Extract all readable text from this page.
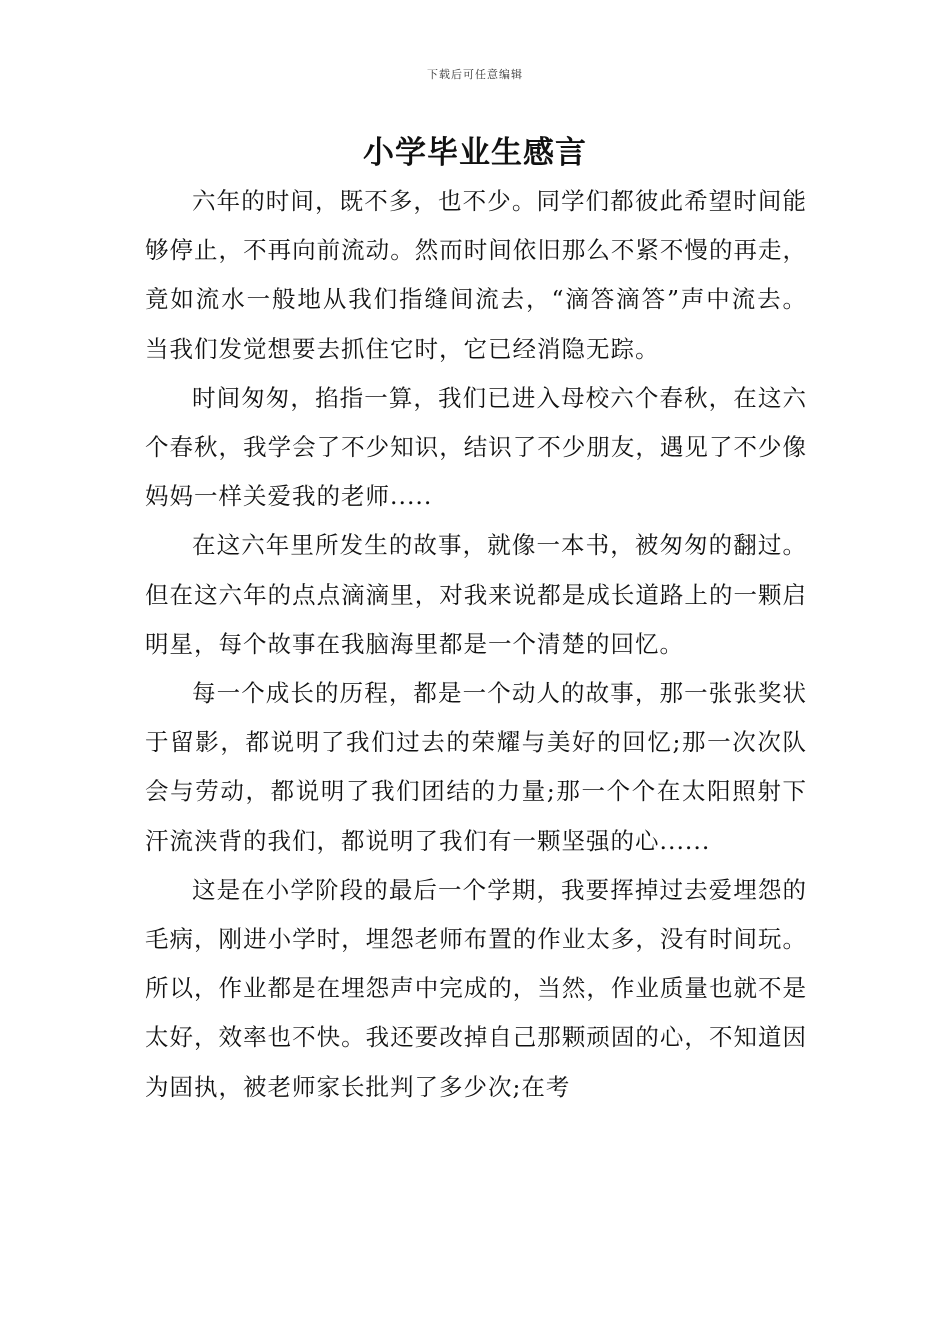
下载后可任意编辑
小学毕业生感言

六年的时间，既不多，也不少。同学们都彼此希望时间能够停止，不再向前流动。然而时间依旧那么不紧不慢的再走，竟如流水一般地从我们指缝间流去，“滴答滴答”声中流去。当我们发觉想要去抓住它时，它已经消隐无踪。

时间匆匆，掐指一算，我们已进入母校六个春秋，在这六个春秋，我学会了不少知识，结识了不少朋友，遇见了不少像妈妈一样关爱我的老师.....

在这六年里所发生的故事，就像一本书，被匆匆的翻过。但在这六年的点点滴滴里，对我来说都是成长道路上的一颗启明星，每个故事在我脑海里都是一个清楚的回忆。

每一个成长的历程，都是一个动人的故事，那一张张奖状于留影，都说明了我们过去的荣耀与美好的回忆;那一次次队会与劳动，都说明了我们团结的力量;那一个个在太阳照射下汗流浃背的我们，都说明了我们有一颗坚强的心......

这是在小学阶段的最后一个学期，我要挥掉过去爱埋怨的毛病，刚进小学时，埋怨老师布置的作业太多，没有时间玩。所以，作业都是在埋怨声中完成的，当然，作业质量也就不是太好，效率也不快。我还要改掉自己那颗顽固的心，不知道因为固执，被老师家长批判了多少次;在考
